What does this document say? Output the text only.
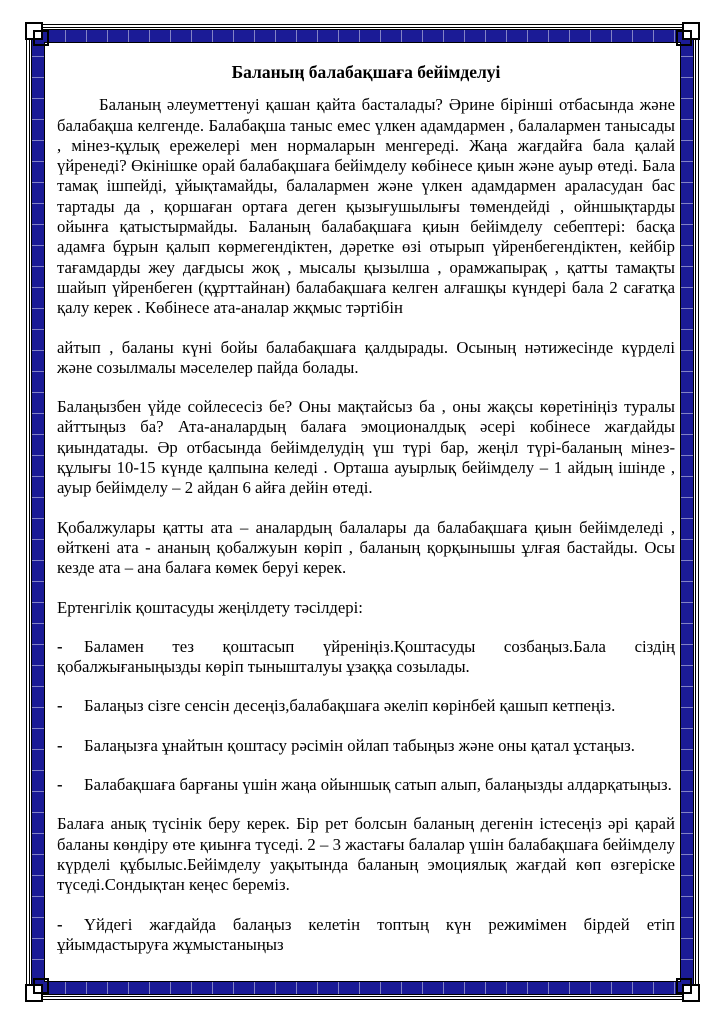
Баланың балабақшаға бейімделуі

Баланың әлеуметтенуі қашан қайта басталады? Әрине бірінші отбасында және балабақша келгенде. Балабақша таныс емес үлкен адамдармен , балалармен танысады , мінез-құлық ережелері мен нормаларын менгереді. Жаңа жағдайға бала қалай үйренеді? Өкінішке орай балабақшаға бейімделу көбінесе қиын және ауыр өтеді. Бала тамақ ішпейді, ұйықтамайды, балалармен және үлкен адамдармен араласудан бас тартады да , қоршаған ортаға деген қызығушылығы төмендейді , ойншықтарды ойынға қатыстырмайды. Баланың балабақшаға қиын бейімделу себептері: басқа адамға бұрын қалып көрмегендіктен, дәретке өзі отырып үйренбегендіктен, кейбір тағамдарды жеу дағдысы жоқ , мысалы қызылша , орамжапырақ , қатты тамақты шайып үйренбеген (құрттайнан) балабақшаға келген алғашқы күндері бала 2 сағатқа қалу керек . Көбінесе ата-аналар жқмыс тәртібін

айтып , баланы күні бойы балабақшаға қалдырады. Осының нәтижесінде күрделі және созылмалы мәселелер пайда болады.

Балаңызбен үйде сойлесесіз бе? Оны мақтайсыз ба , оны жақсы көретініңіз туралы айттыңыз ба? Ата-аналардың балаға эмоционалдық әсері кобінесе жағдайды қиындатады. Әр отбасында бейімделудің үш түрі бар, жеңіл түрі-баланың мінез-құлығы 10-15 күнде қалпына келеді . Орташа ауырлық бейімделу – 1 айдың ішінде , ауыр бейімделу – 2 айдан 6 айға дейін өтеді.

Қобалжулары қатты ата – аналардың балалары да балабақшаға қиын бейімделеді , өйткені ата - ананың қобалжуын көріп , баланың қорқынышы ұлғая бастайды. Осы кезде ата – ана балаға көмек беруі керек.

Ертенгілік қоштасуды жеңілдету тәсілдері:

- Баламен тез қоштасып үйреніңіз.Қоштасуды созбаңыз.Бала сіздің қобалжығаныңызды көріп тынышталуы ұзаққа созылады.

- Балаңыз сізге сенсін десеңіз,балабақшаға әкеліп көрінбей қашып кетпеңіз.

- Балаңызға ұнайтын қоштасу рәсімін ойлап табыңыз және оны қатал ұстаңыз.

- Балабақшаға барғаны үшін жаңа ойыншық сатып алып, балаңызды алдарқатыңыз.

Балаға анық түсінік беру керек. Бір рет болсын баланың дегенін істесеңіз әрі қарай баланы көндіру өте қиынға түседі. 2 – 3 жастағы балалар үшін балабақшаға бейімделу күрделі құбылыс.Бейімделу уақытында баланың эмоциялық жағдай көп өзгеріске түседі.Сондықтан кеңес береміз.

- Үйдегі жағдайда балаңыз келетін топтың күн режимімен бірдей етіп ұйымдастыруға жұмыстаныңыз
